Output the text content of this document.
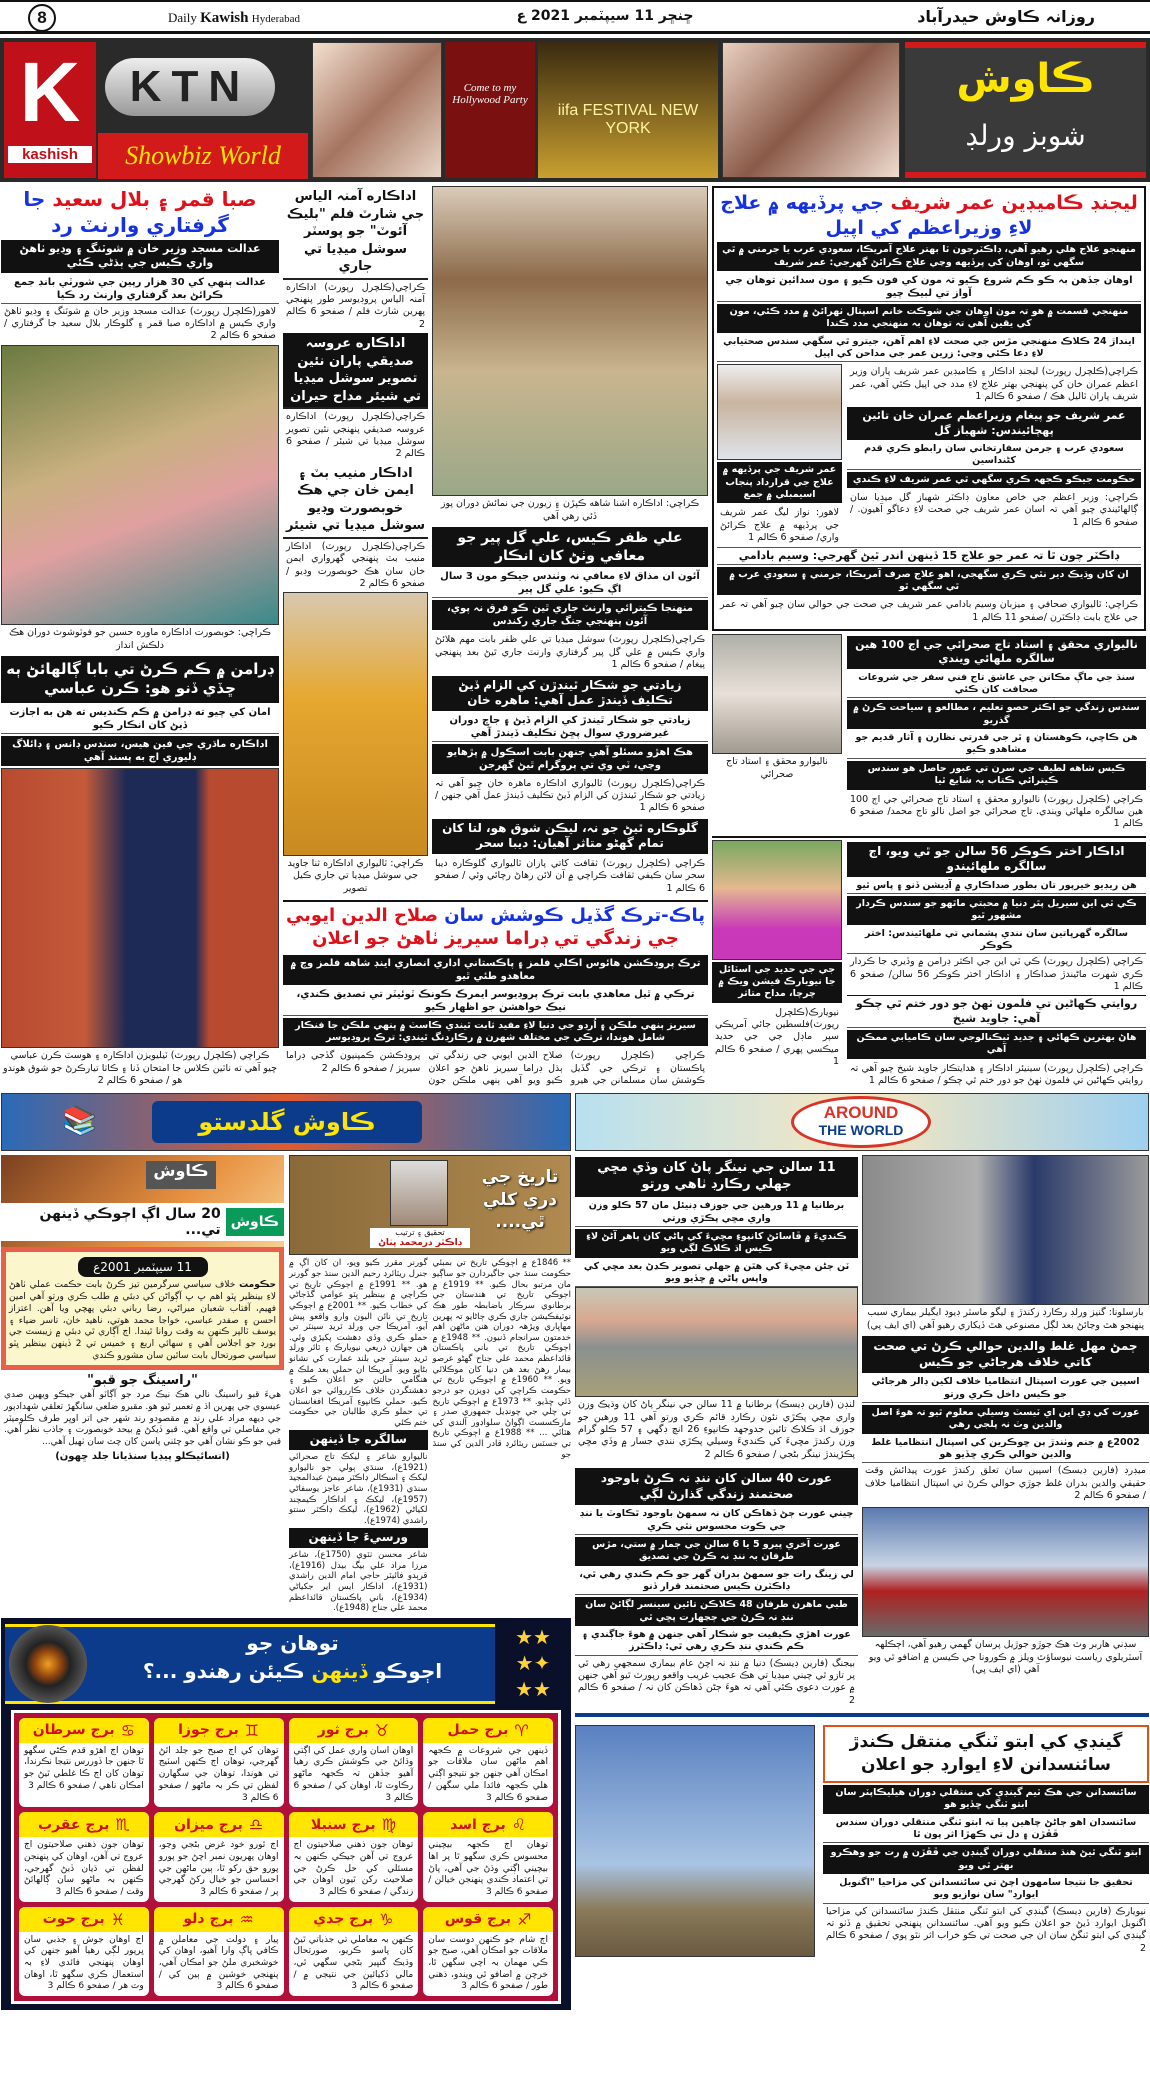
8	Daily Kawish Hyderabad	ڇنڇر 11 سيپٽمبر 2021 ع	روزانہ ڪاوش حيدرآباد
K
kashish
KTN
Showbiz World
Come to my Hollywood Party
iifa FESTIVAL NEW YORK
ڪاوش
شوبز ورلڊ
صبا قمر ۽ بلال سعيد جا گرفتاري وارنٽ رد
عدالت مسجد وزير خان ۾ شوٽنگ ۽ وڊيو ٺاهڻ واري ڪيس جي ٻڌڻي ڪئي
عدالت ٻنهي کي 30 هزار رپين جي شورٽي بانڊ جمع ڪرائڻ بعد گرفتاري وارنٽ رد ڪيا
لاهور(ڪلچرل رپورٽ) عدالت مسجد وزير خان ۾ شوٽنگ ۽ وڊيو ٺاهڻ واري ڪيس ۾ اداڪاره صبا قمر ۽ گلوڪار بلال سعيد جا گرفتاري / صفحو 6 ڪالم 2
ڪراچي: خوبصورت اداڪاره ماوره حسين جو فوٽوشوٽ دوران هڪ دلڪش انداز
ڊرامن ۾ ڪم ڪرڻ تي بابا ڳالهائڻ ٻه ڇڏي ڏنو هو: ڪرن عباسي
امان کي چيو ته ڊرامن ۾ ڪم ڪنديس ته هن به اجازت ڏيڻ کان انڪار ڪيو
اداڪاره ماڌري جي فين هيس، سندس ڊانس ۽ ڊائلاگ ڊليوري اڄ به پسند آهي
ڪراچي (ڪلچرل رپورٽ) ٽيليويزن اداڪاره ۽ هوسٽ ڪرن عباسي چيو آهي ته ناٽين ڪلاس جا امتحان ڏنا ۽ ڪاٺا تيارڪرڻ جو شوق هوندو هو / صفحو 6 ڪالم 2
اداڪاره آمنہ الياس جي شارٽ فلم "بليڪ آئوٽ" جو پوسٽر سوشل ميڊيا تي جاري
ڪراچي(ڪلچرل رپورٽ) اداڪاره آمنہ الياس پروڊيوسر طور پنهنجي پهرين شارٽ فلم / صفحو 6 ڪالم 2
اداڪاره عروسہ صديقي پاران نئين تصوير سوشل ميڊيا تي شيئر مداح حيران
ڪراچي(ڪلچرل رپورٽ) اداڪاره عروسہ صديقي پنهنجي نئين تصوير سوشل ميڊيا تي شيئر / صفحو 6 ڪالم 2
اداڪار منيب بٽ ۽ ايمن خان جي هڪ خوبصورت وڊيو سوشل ميڊيا تي شيئر
ڪراچي(ڪلچرل رپورٽ) اداڪار منيب بٽ پنهنجي گهرواري ايمن خان سان هڪ خوبصورت وڊيو / صفحو 6 ڪالم 2
ڪراچي: ٽاليواري اداڪاره ثنا جاويد جي سوشل ميڊيا تي جاري ڪيل تصوير
ڪراچي: اداڪاره اشنا شاهه ڪپڙن ۽ زيورن جي نمائش دوران پوز ڏئي رهي آهي
علي ظفر ڪيس، علي گل پير جو معافي وٺڻ کان انڪار
آئون ان مذاق لاءِ معافي نہ وٺندس جيڪو مون 3 سال اڳ ڪيو: علي گل پير
منهنجا ڪيترائي وارنٽ جاري ٿين ڪو فرق نہ پوي، آئون پنهنجي جنگ جاري رکندس
ڪراچي(ڪلچرل رپورٽ) سوشل ميڊيا تي علي ظفر بابت مهم هلائڻ واري ڪيس ۾ علي گل پير گرفتاري وارنٽ جاري ٿيڻ بعد پنهنجي پيغام / صفحو 6 ڪالم 1
زيادتي جو شڪار ٿيندڙن کي الزام ڏيڻ تڪليف ڏيندڙ عمل آهي: ماهره خان
زيادتي جو شڪار ٿيندڙ کي الزام ڏيڻ ۽ جاچ دوران غيرضروري سوال پڇڻ تڪليف ڏيندڙ آهي
هڪ اهڙو مسئلو آهي جنهن بابت اسڪول ۾ پڙهايو وڃي، ٽي وي تي پروگرام ٿيڻ گهرجن
ڪراچي(ڪلچرل رپورٽ) ٽاليواري اداڪاره ماهره خان چيو آهي تہ زيادتي جو شڪار ٿيندڙن کي الزام ڏيڻ تڪليف ڏيندڙ عمل آهي جنهن / صفحو 6 ڪالم 1
گلوڪاره ٿيڻ جو نہ، ليڪن شوق هو، لتا کان تمام گهڻو متاثر آهيان: ديبا سحر
ڪراچي (ڪلچرل رپورٽ) ثقافت کاتي پاران ٽاليواري گلوڪاره ديبا سحر سان ڪيفي ثقافت ڪراچي ۾ آن لائن رهاڻ رچائي وئي / صفحو 6 ڪالم 1
پاڪ-ترڪ گڏيل ڪوشش سان صلاح الدين ايوبي جي زندگي تي ڊراما سيريز ٺاهڻ جو اعلان
ترڪ پروڊڪشن هائوس اڪلي فلمز ۽ پاڪستاني اداري انصاري اينڊ شاهه فلمز وچ ۾ معاهدو طئي ٿيو
ترڪي ۾ ٿيل معاهدي بابت ترڪ پروڊيوسر ايمرڪ ڪونڪ ٽوئيٽر تي تصديق ڪندي، نيڪ خواهشن جو اظهار ڪيو
سيريز ٻنهي ملڪن ۽ اُرڊو جي دنيا لاءِ مفيد ثابت ٿيندي ڪاسٽ ۾ ٻنهي ملڪن جا فنڪار شامل هوندا، ترڪي جي مختلف شهرن ۾ رڪارڊنگ ٿيندي: ترڪ پروڊيوسر
ڪراچي (ڪلچرل رپورٽ) پاڪستان ۽ ترڪي جي گڏيل ڪوشش سان مسلمانن جي هيرو صلاح الدين ايوبي جي زندگي تي ٻڌل ڊراما سيريز ٺاهڻ جو اعلان ڪيو ويو آهي ٻنهي ملڪن جون پروڊڪشن ڪمپنيون گڏجي ڊراما سيريز / صفحو 6 ڪالم 2
ليجنڊ ڪاميڊين عمر شريف جي پرڏيهه ۾ علاج لاءِ وزيراعظم کي اپيل
منهنجو علاج هلي رهيو آهي، ڊاڪٽرجون ٽا بهتر علاج آمريڪا، سعودي عرب يا جرمني ۾ ٿي سگهي ٿو، اوهان کي پرڏيهه وڃي علاج ڪرائڻ گهرجي: عمر شريف
اوهان جڏهن بہ ڪو ڪم شروع ڪيو تہ مون کي فون ڪيو ۽ مون سدائين توهان جي آواز تي لبيڪ چيو
منهنجي قسمت ۾ هو تہ مون اوهان جي شوڪت خانم اسپتال ٺهرائڻ ۾ مدد ڪئي، مون کي يقين آهي تہ توهان بہ منهنجي مدد ڪندا
اينداڙ 24 ڪلاڪ منهنجي مڙس جي صحت لاءِ اهم آهن، جيترو ٿي سگهي سندس صحتيابي لاءِ دعا ڪئي وڃي: زرين عمر جي مداحن کي اپيل
ڪراچي(ڪلچرل رپورٽ) ليجنڊ اداڪار ۽ ڪاميڊين عمر شريف پاران وزير اعظم عمران خان کي پنهنجي بهتر علاج لاءِ مدد جي اپيل ڪئي آهي، عمر شريف پاران ٽاليل هڪ / صفحو 6 ڪالم 1
عمر شريف جو پيغام وزيراعظم عمران خان تائين پهچائيندس: شهباز گل
سعودي عرب ۽ جرمن سفارتخاني سان رابطو ڪري قدم کڻنداسين
حڪومت جيڪو ڪجهہ ڪري سگهي ٿي عمر شريف لاءِ ڪندي
ڪراچي: وزير اعظم جي خاص معاون ڊاڪٽر شهباز گل ميڊيا سان ڳالهائيندي چيو آهي تہ اسان عمر شريف جي صحت لاءِ دعاگو آهيون. / صفحو 6 ڪالم 1
عمر شريف جي پرڏيهه ۾ علاج جي قرارداد پنجاب اسيمبلي ۾ جمع
لاهور: نواز ليگ عمر شريف جي پرڏيهه ۾ علاج ڪرائڻ واري/ صفحو 6 ڪالم 1
ڊاڪٽر چون ٿا تہ عمر جو علاج 15 ڏينهن اندر ٿيڻ گهرجي: وسيم بادامي
ان کان وڌيڪ دير نٿي ڪري سگهجي، اهو علاج صرف آمريڪا، جرمني ۽ سعودي عرب ۾ ٿي سگهي ٿو
ڪراچي: ٽاليواري صحافي ۽ ميزبان وسيم بادامي عمر شريف جي صحت جي حوالي سان چيو آهي تہ عمر جي علاج بابت ڊاڪٽرن /صفحو 11 ڪالم 1
ناليواري محقق ۽ استاد تاج صحرائي جي اڄ 100 هين سالگره ملهائي ويندي
سنڌ جي ماڳ مڪانن جي عاشق تاج فني سفر جي شروعات صحافت کان ڪئي
سندس زندگي جو اڪثر حصو تعليم ، مطالعو ۽ سياحت ڪرڻ ۾ گذريو
هن ڪاڇي، ڪوهستان ۽ ٿر جي قدرتي نظارن ۽ آثار قديم جو مشاهدو ڪيو
ڪيس شاهه لطيف جي سرن تي عبور حاصل هو سندس ڪيترائي ڪتاب بہ شايع ٿيا
ڪراچي (ڪلچرل رپورٽ) ناليوارو محقق ۽ استاد تاج صحرائي جي اڄ 100 هين سالگره ملهائي ويندي. تاج صحرائي جو اصل نالو تاج محمد/ صفحو 6 ڪالم 1
ناليوارو محقق ۽ استاد تاج صحرائي
اداڪار اختر ڪوڪر 56 سالن جو ٿي ويو، اڄ سالگره ملهائيندو
هن ريڊيو خيرپور تان بطور صداڪاري ۾ آڊيشن ڏنو ۽ پاس ٿيو
ڪي ٽي اين سيريل پٿر دنيا ۾ محبتي ماٿهو جو سندس ڪردار مشهور ٿيو
سالگره گهرڀاتين سان نندي پشماني تي ملهائيندس: اختر ڪوڪر
ڪراچي (ڪلچرل رپورٽ) ڪي ٽي اين جي اڪثر ڊرامن ۾ وڏيري جا ڪردار ڪري شهرت ماڻيندڙ صداڪار ۽ اداڪار اختر ڪوڪر 56 سالن/ صفحو 6 ڪالم 1
روايتي ڪهاڻين تي فلمون ٺهڻ جو دور ختم ٿي چڪو آهي: جاويد شيخ
هاڻ بهترين ڪهاڻي ۽ جديد ٽيڪنالوجي سان ڪاميابي ممڪن آهي
ڪراچي (ڪلچرل رپورٽ) سينيئر اداڪار ۽ هدايتڪار جاويد شيخ چيو آهي تہ روايتي ڪهاڻين تي فلمون ٺهڻ جو دور ختم ٿي چڪو / صفحو 6 ڪالم 1
جي جي حديد جي اسٽائل جا نيويارڪ فيشن ويڪ ۾ چرچا، مداح متاثر
نيويارڪ(ڪلچرل رپورٽ)فلسطين جائي آمريڪي سپر ماڊل جي جي حديد ميڪسي پهري / صفحو 6 ڪالم 1
ڪاوش گلدستو
📚	AROUND
THE WORLD
ڪاوش
ڪاوش
20 سال اڳ اڄوڪي ڏينهن تي...
11 سيپٽمبر 2001ع
حڪومت خلاف سياسي سرگرمين تيز ڪرڻ بابت حڪمت عملي ٺاهڻ لاءِ بينظير ڀٽو اهم ڀ ڀ آڳواڻن کي دبئي ۾ طلب ڪري ورتو آهي امين فهيم، آفتاب شعبان ميراڻي، رضا رباني دبئي پهچي ويا آهن. اعتزاز احسن ۽ صفدر عباسي، خواجا محمد هوتي، ناهيد خان، تاسر ضياء ۽ يوسف ٽالپر ڪنهن به وقت روانا ٿيندا. اڄ آڳاري ٿي دبئي ۾ زيبسٽ جي بورڊ جو اجلاس آهي ۽ سهائي اربع ۽ خميس تي 2 ڏينهن بينظير ڀٽو سياسي صورتحال بابت ساٿين سان مشورو ڪندي
"راسينگ جو قبو"
هيءَ قبو راسينگ نالي هڪ نيڪ مرد جو آڳاٽو آهي جيڪو ويهين صدي عيسوي جي پهرين اڌ ۾ تعمير ٿيو هو. مقبرو ضلعي سانگهڙ تعلقي شهدادپور جي ديهه مراد علي رند ۾ مقصودو رند شهر جي اتر اوڀر طرف ڪلوميٽر جي مفاصلي تي واقع آهي. قبو ڏيکڻ ۾ بيحد خوبصورت ۽ جاذب نظر آهي. قبي جو ڪو نشان آهي جو چئني پاسن کان چٽ سان ٺهيل آهي...
(انسائيڪلو پيڊيا سنڌيانا جلد ڇهون)
تحقيق ۽ ترتيب
ڊاڪٽر درمحمد پٺاڻ
تاريخ جي دري کلي ٿي....
** 1846ع ۾ اڄوڪي تاريخ تي بمبئي حڪومت سنڌ جي جاگيردارن جو ساڳيو مان مرتبو بحال ڪيو. ** 1919ع ۾ اڄوڪي تاريخ تي هندستان جي برطانوي سرڪار باضابطہ طور هڪ نوٽيفڪيشن جاري ڪري ڄاڻايو تہ پهرين مهاڀاري ويڙهہ دوران هنن ماڻهن اهم خدمتون سرانجام ڏنيون. ** 1948ع ۾ اڄوڪي تاريخ تي باني پاڪستان قائداعظم محمد علي جناح گهڻو عرصو بيمار رهڻ بعد هن دنيا کان موڪلائي ويو. ** 1960ع ۾ اڄوڪي تاريخ تي حڪومت ڪراچي کي ڊويزن جو درجو ڏئي ڇڏيو. ** 1973ع ۾ اڄوڪي تاريخ تي چلي جي چونڊيل جمهوري صدر ۽ مارڪسسٽ اڳواڻ سلواڊور آلندي کي هٽائي ... ** 1988ع ۾ اڄوڪي تاريخ تي جسٽس ريٽائرڊ قادر الدين کي سنڌ جو
گورنر مقرر ڪيو ويو، ان کان اڳ ۾ جنرل ريٽائرڊ رحيم الدين سنڌ جو گورنر هو. ** 1991ع ۾ اڄوڪي تاريخ تي ڪراچي ۾ بينظير ڀٽو عوامي گڏجاڻي کي خطاب ڪيو. ** 2001ع ۾ اڄوڪي تاريخ تي نائن اليون وارو واقعو پيش آيو، آمريڪا جي ورلڊ ٽريڊ سينٽر تي حملو ڪري وڏي دهشت پکيڙي وئي. هن جهازن ذريعي نيويارڪ ۽ ٽائر ورلڊ ٽريڊ سينٽر جي بلند عمارت کي نشانو بڻايو ويو. آمريڪا ان حملي بعد ملڪ ۾ هنگامي حالتن جو اعلان ڪيو ۽ دهشتگردن خلاف ڪارروائي جو اعلان ڪيو. حملي ڪانپوءِ آمريڪا افغانستان تي حملو ڪري طالبان جي حڪومت ختم ڪئي
سالگره جا ڏينهن
ناليوارو شاعر ۽ ليکڪ تاج صحرائي (1921ع)، سنڌي ٻولي جو ناليوارو ليکڪ ۽ اسڪالر ڊاڪٽر ميمڻ عبدالمجيد سنڌي (1931ع)، شاعر عاجز يوسفاڻي (1957ع)، ليکڪ ۽ اداڪار ڪيمچند لکياڻي (1962ع)، ليکڪ ڊاڪٽر سنتو راشدي (1974ع).
ورسيءَ جا ڏينهن
شاعر محسن ٺٽوي (1750ع)، شاعر مرزا مراد علي بيگ بيدل (1916ع)، قرٻدو فائيٽر حاجي امام الدين راشدي (1931ع)، اداڪار ايس اير جکياڻي (1934ع)، باني پاڪستان قائداعظم محمد علي جناح (1948ع).
توهان جو
اڄوڪو ڏينهن ڪيئن رهندو ...؟
★★
★✦
★★
♈
برج حمل
ڏينهن جي شروعات ۾ ڪجهہ اهم ماڻهن سان ملاقات جو امڪان آهي جنهن جو نتيجو اڳتي هلي ڪجهہ فائدا ملي سگهن / صفحو 6 ڪالم 3
♉
برج ثور
اوهان اسان واري عمل کي اڳتي وڌائڻ جي ڪوشش ڪري رهيا آهيو جڏهن تہ ڪجهہ ماڻهو رڪاوٽ ٿا، اوهان کي / صفحو 6 ڪالم 3
♊
برج جوزا
توهان کي اڄ صبح جو جلد اٿڻ گهرجي، توهان اڄ ڪنهن اسٽيج تي هوندا، توهان جي سگهارن لفظن تي ڪر بہ ماڻهو / صفحو 6 ڪالم 3
♋
برج سرطان
توهان اڄ اهڙو قدم ڪڻي سگهو ٿا جنهن جا ڏوررس نتيجا نڪرندا، توهان کان اڄ ڪا غلطي ٿيڻ جو امڪان ناهي / صفحو 6 ڪالم 3
♌
برج اسد
توهان اڄ ڪجهہ بيچيني محسوس ڪري سگهو ٿا پر اها بيچيني اڳتي وڌڻ جي آهي، پاڻ تي اعتماد ڪندي پنهنجن خيالن / صفحو 6 ڪالم 3
♍
برج سنبلا
توهان جون ذهني صلاحيتون اڄ عروج تي آهن جيڪي ڪنهن بہ مسئلي کي حل ڪرڻ جي صلاحيت رکن ٿيون اوهان جي زندگي / صفحو 6 ڪالم 3
♎
برج ميزان
اڄ ٿورو خود غرض بڻجي وڃو، اوهان پهريون نمبر اچڻ جو پورو پورو حق رکو ٿا، ٻين ماڻهن جي احساسن جو خيال رکڻ گهرجي پر / صفحو 6 ڪالم 3
♏
برج عقرب
توهان جون ذهني صلاحيتون اڄ عروج تي آهن، اوهان کي پنهنجن لفظن تي ڌيان ڏيڻ گهرجي، ڪنهن بہ ماڻهو سان ڳالهائڻ وقت / صفحو 6 ڪالم 3
♐
برج قوس
اڄ شام جو ڪنهن دوست سان ملاقات جو امڪان آهي، صبح جو ڪي مهمان بہ اچي سگهن ٿا، خرچن ۾ اضافو ٿي ويندو، ذهني طور / صفحو 6 ڪالم 3
♑
برج جدي
ڪنهن بہ معاملي تي جذباتي ٿيڻ کان پاسو ڪريو، صورتحال وڌيڪ گنڀير بڻجي سگهي ٿي، مالي ڏکيائين جي نتيجي ۾ / صفحو 6 ڪالم 3
♒
برج دلو
پيار ۽ دولت جي معاملن ۾ ڪافي ڀاڳ وارا آهيو، اوهان کي خوشخبري ملڻ جو امڪان آهي، پنهنجي خوشين ۾ ٻين کي / صفحو 6 ڪالم 3
♓
برج حوت
اڄ اوهان جوش ۽ جذبي سان ڀرپور لڳي رهيا آهيو جنهن کي اوهان پنهنجي فائدي لاءِ بہ استعمال ڪري سگهو ٿا، اوهان وٽ هر / صفحو 6 ڪالم 3
11 سالن جي نينگر پاڻ کان وڏي مڇي جهلي رڪارڊ ٺاهي ورتو
برطانيا ۾ 11 ورهين جي جوزف ڊنيئل مان 57 ڪلو وزن واري مڇي پڪڙي ورتي
ڪنديءَ ۾ ڦاسائڻ کانپوءِ مڇيءَ کي پاڻي کان ٻاهر آڻڻ لاءِ ڪيس اڌ ڪلاڪ لڳي ويو
ٽن ڄڻن مڇيءَ کي هٿن ۾ جهلي تصوير ڪڍڻ بعد مڇي کي واپس پاڻي ۾ ڇڏيو ويو
لنڊن (فارين ڊيسڪ) برطانيا ۾ 11 سالن جي نينگر پاڻ کان وڌيڪ وزن واري مڇي پڪڙي نئون رڪارڊ قائم ڪري ورتو آهي 11 ورهين جو جوزف اڌ ڪلاڪ تائين جدوجهد ڪانپوءِ 26 انچ ڊگهي ۽ 57 ڪلو گرام وزن رکندڙ مڇيءَ کي ڪنديءَ وسيلي پڪڙي نندي جسار ۾ وڏي مڇي پڪڙيندڙ نينگر بڻجي / صفحو 6 ڪالم 2
عورت 40 سالن کان ننڊ نہ ڪرڻ باوجود صحتمند زندگي گذارڻ لڳي
چيني عورت ڄڻ ڏهاڪن کان نہ سمهڻ باوجود ٿڪاوٽ يا ننڊ جي ڪوت محسوس نٿي ڪري
عورت آخري ڀيرو 5 يا 6 سالن جي ڄمار ۾ ستي، مڙس طرفان بہ ننڊ نہ ڪرڻ جي تصديق
لي زينگ رات جو سمهڻ بدران گهر جو ڪم ڪندي رهي ٿي، ڊاڪٽرن ڪيس صحتمند قرار ڏنو
طبي ماهرن طرفان 48 ڪلاڪن تائين سينسر لڳائڻ سان ننڊ نہ ڪرڻ جي ڄڃهارت پڇي ٿي
عورت اهڙي ڪيفيت جو شڪار آهي جنهن ۾ هوءَ جاڳندي ۽ ڪم ڪندي ننڊ ڪري رهي ٿي: ڊاڪٽرز
بيجنگ (فارين ڊيسڪ) دنيا ۾ ننڊ نہ اچڻ عام بيماري سمجهي رهي ٿي پر تازو ٿي چيني ميڊيا تي هڪ عجيب غريب واقعو رپورٽ ٿيو آهي جنهن ۾ عورت دعوي ڪئي آهي تہ هوءَ ڄڻن ڏهاڪن کان نہ / صفحو 6 ڪالم 2
بارسلونا: گنيز ورلڊ رڪارڊ رکندڙ ۽ ليگو ماسٽر ڊيوڊ ايگيلر بيماري سبب پنهنجو هٿ وڃائڻ بعد لڳل مصنوعي هٿ ڏيکاري رهيو آهي (اي ايف پي)
ڄمڻ مهل غلط والدين حوالي ڪرڻ تي صحت کاتي خلاف هرجاڻي جو ڪيس
اسپين جي عورت اسپتال انتظاميا خلاف لکين ڊالر هرجاڻي جو ڪيس داخل ڪري ورتو
عورت کي ڊي اين اي ٽيسٽ وسيلي معلوم ٿيو تہ هوءَ اصل والدين وٽ نہ پلجي رهي
2002ع ۾ جنم وٺندڙ ٻن ڇوڪرين کي اسپتال انتظاميا غلط والدين حوالي ڪري ڇڏيو هو
ميڊرڊ (فارين ڊيسڪ) اسپين سان تعلق رکندڙ عورت پيدائش وقت حقيقي والدين بدران غلط جوڙي حوالي ڪرڻ تي اسپتال انتظاميا خلاف / صفحو 6 ڪالم 2
سڊني هاربر وٽ هڪ جوڙو جوڙيل پرسان گهمي رهيو آهي، اڄڪلهہ آسٽريلوي رياست نيوساؤٿ ويلز ۾ ڪورونا جي ڪيسن ۾ اضافو ٿي ويو آهي (اي ايف پي)
گينڊي کي ابتو ٽنگي منتقل ڪندڙ سائنسدانن لاءِ ايوارڊ جو اعلان
سائنسدانن جي هڪ ٽيم گينڊي کي منتقلي دوران هيليڪاپٽر سان ابتو ٽنگي ڇڏيو هو
سائنسدان اهو ڄاڻڻ چاهين پيا تہ ابتو ٽنگي منتقلي دوران سندس ڦڦڙن ۽ دل تي ڪهڙا اثر پون ٿا
ابتو ٽنگي ٿيڻ هنڌ منتقلي دوران گينڊن جي ڦڦڙن ۾ رت جو وهڪرو بهتر ٿي ويو
تحقيق جا نتيجا سامهون اچڻ تي سائنسدانن کي مزاحيا "اگنوبل ايوارڊ" سان نوازيو ويو
نيويارڪ (فارين ڊيسڪ) گينڊي کي ابتو ٽنگي منتقل ڪندڙ سائنسدانن کي مزاحيا اگنوبل ايوارڊ ڏيڻ جو اعلان ڪيو ويو آهي. سائنسدانن پنهنجي تحقيق ۾ ڏٺو تہ گينڊي کي ابتو ٽنگڻ سان ان جي صحت تي ڪو خراب اثر نٿو پوي / صفحو 6 ڪالم 2
